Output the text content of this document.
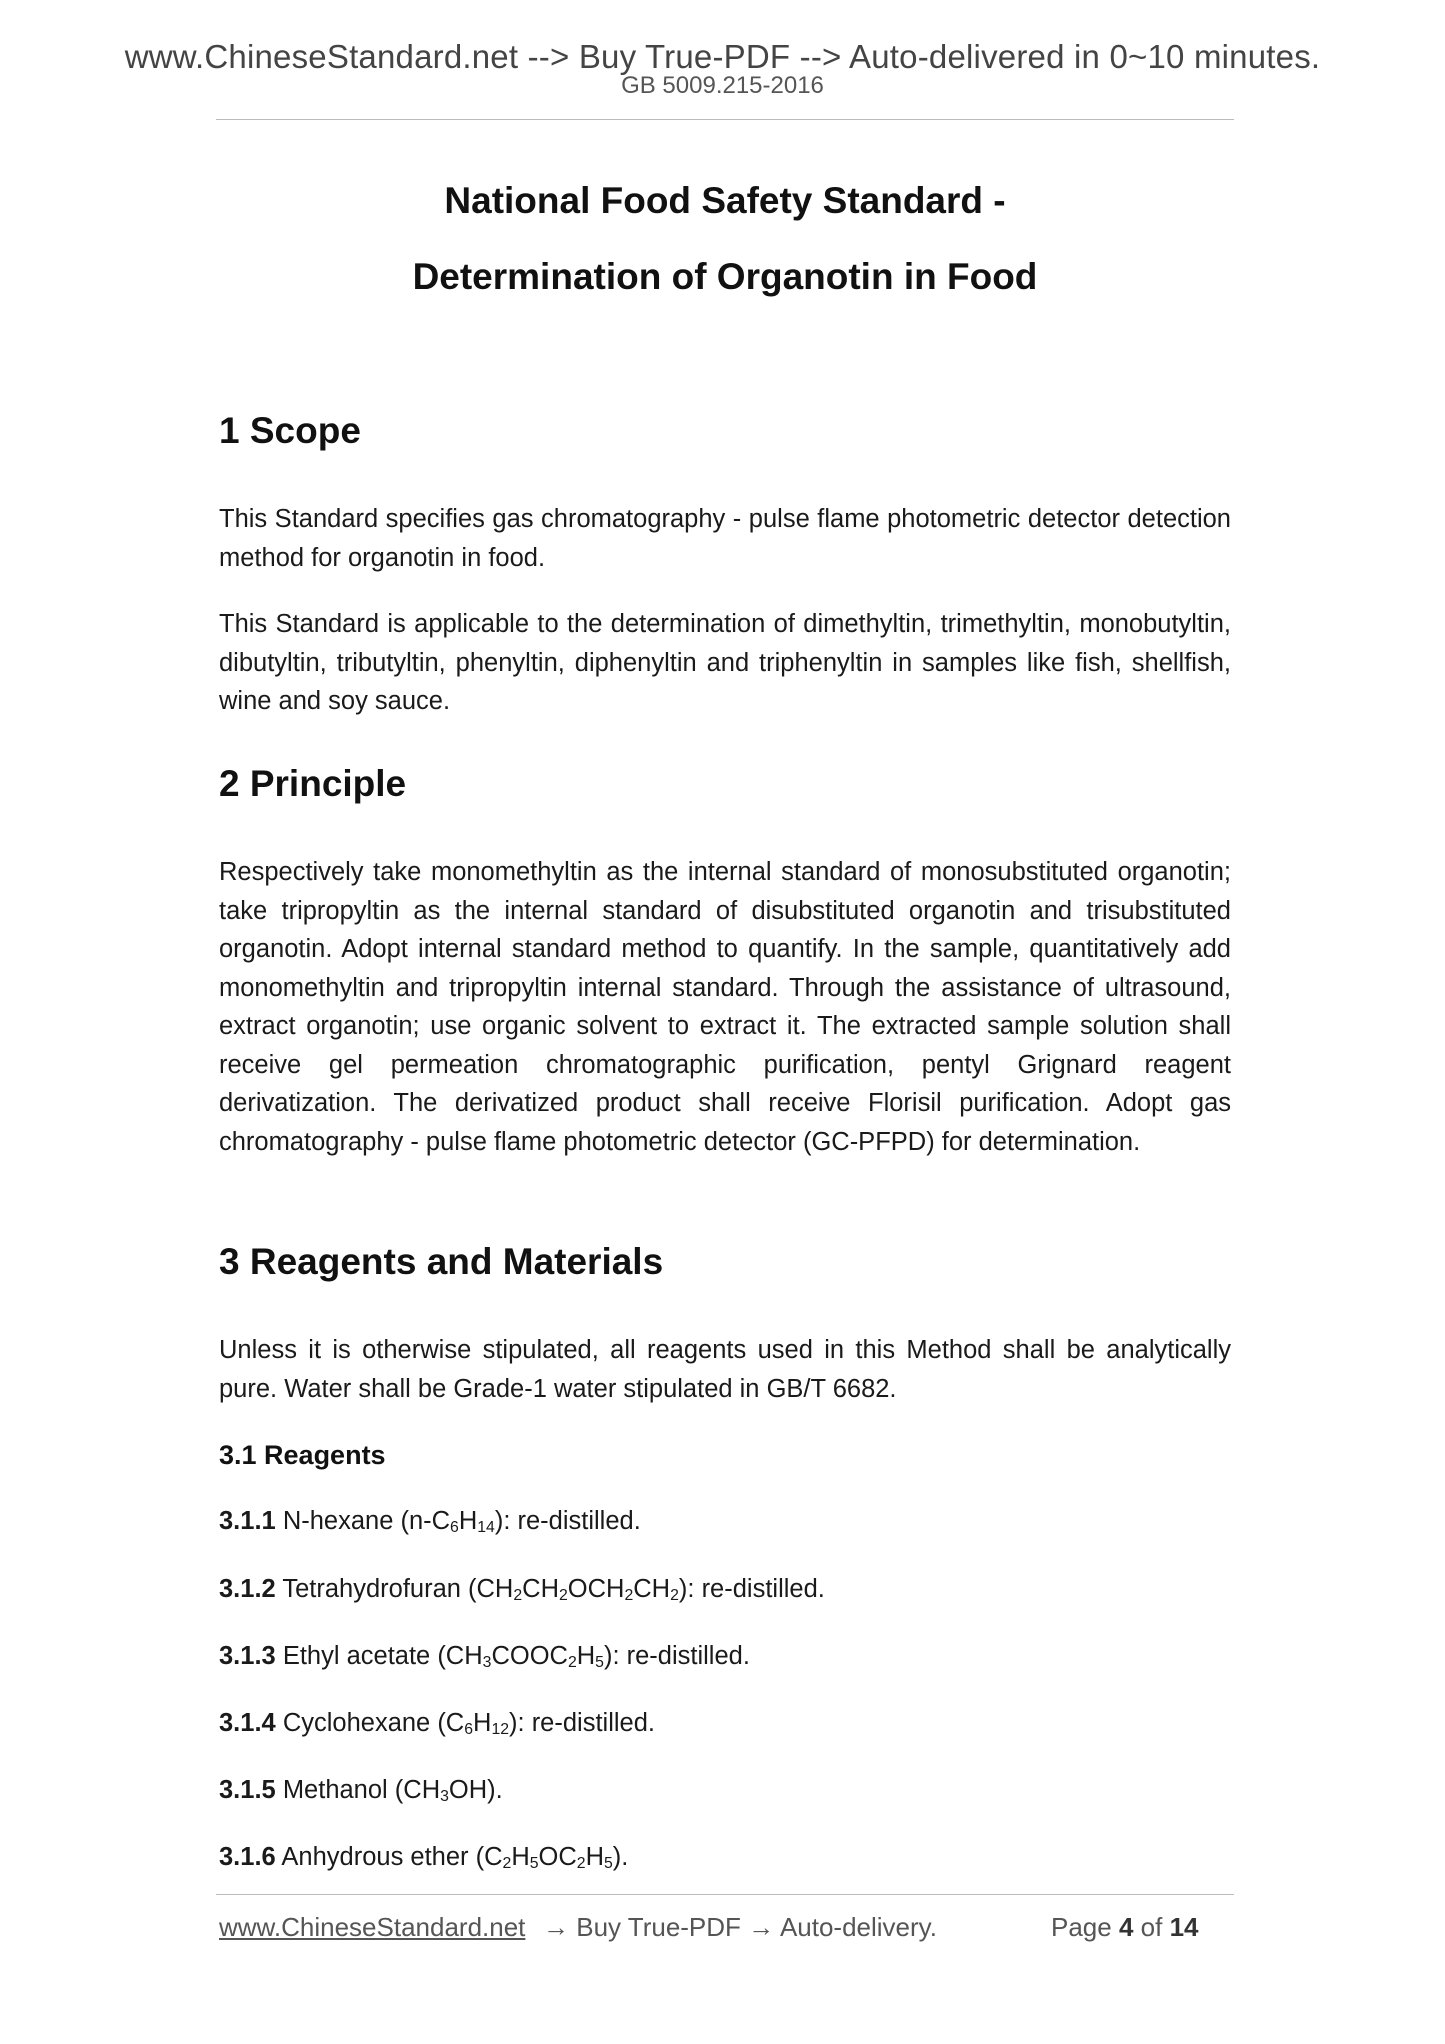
www.ChineseStandard.net --> Buy True-PDF --> Auto-delivered in 0~10 minutes.
GB 5009.215-2016
National Food Safety Standard -
Determination of Organotin in Food
1 Scope

This Standard specifies gas chromatography - pulse flame photometric detector detection method for organotin in food.

This Standard is applicable to the determination of dimethyltin, trimethyltin, monobutyltin, dibutyltin, tributyltin, phenyltin, diphenyltin and triphenyltin in samples like fish, shellfish, wine and soy sauce.

2 Principle

Respectively take monomethyltin as the internal standard of monosubstituted organotin; take tripropyltin as the internal standard of disubstituted organotin and trisubstituted organotin. Adopt internal standard method to quantify. In the sample, quantitatively add monomethyltin and tripropyltin internal standard. Through the assistance of ultrasound, extract organotin; use organic solvent to extract it. The extracted sample solution shall receive gel permeation chromatographic purification, pentyl Grignard reagent derivatization. The derivatized product shall receive Florisil purification. Adopt gas chromatography - pulse flame photometric detector (GC-PFPD) for determination.

3 Reagents and Materials

Unless it is otherwise stipulated, all reagents used in this Method shall be analytically pure. Water shall be Grade-1 water stipulated in GB/T 6682.

3.1 Reagents
3.1.1 N-hexane $(n-C_6H_{14})$: re-distilled.
3.1.2 Tetrahydrofuran $(CH_2CH_2OCH_2CH_2)$: re-distilled.
3.1.3 Ethyl acetate $(CH_3COOC_2H_5)$: re-distilled.
3.1.4 Cyclohexane $(C_6H_{12})$: re-distilled.
3.1.5 Methanol $(CH_3OH)$.
3.1.6 Anhydrous ether $(C_2H_5OC_2H_5)$.
www.ChineseStandard.net → Buy True-PDF → Auto-delivery.	Page 4 of 14
